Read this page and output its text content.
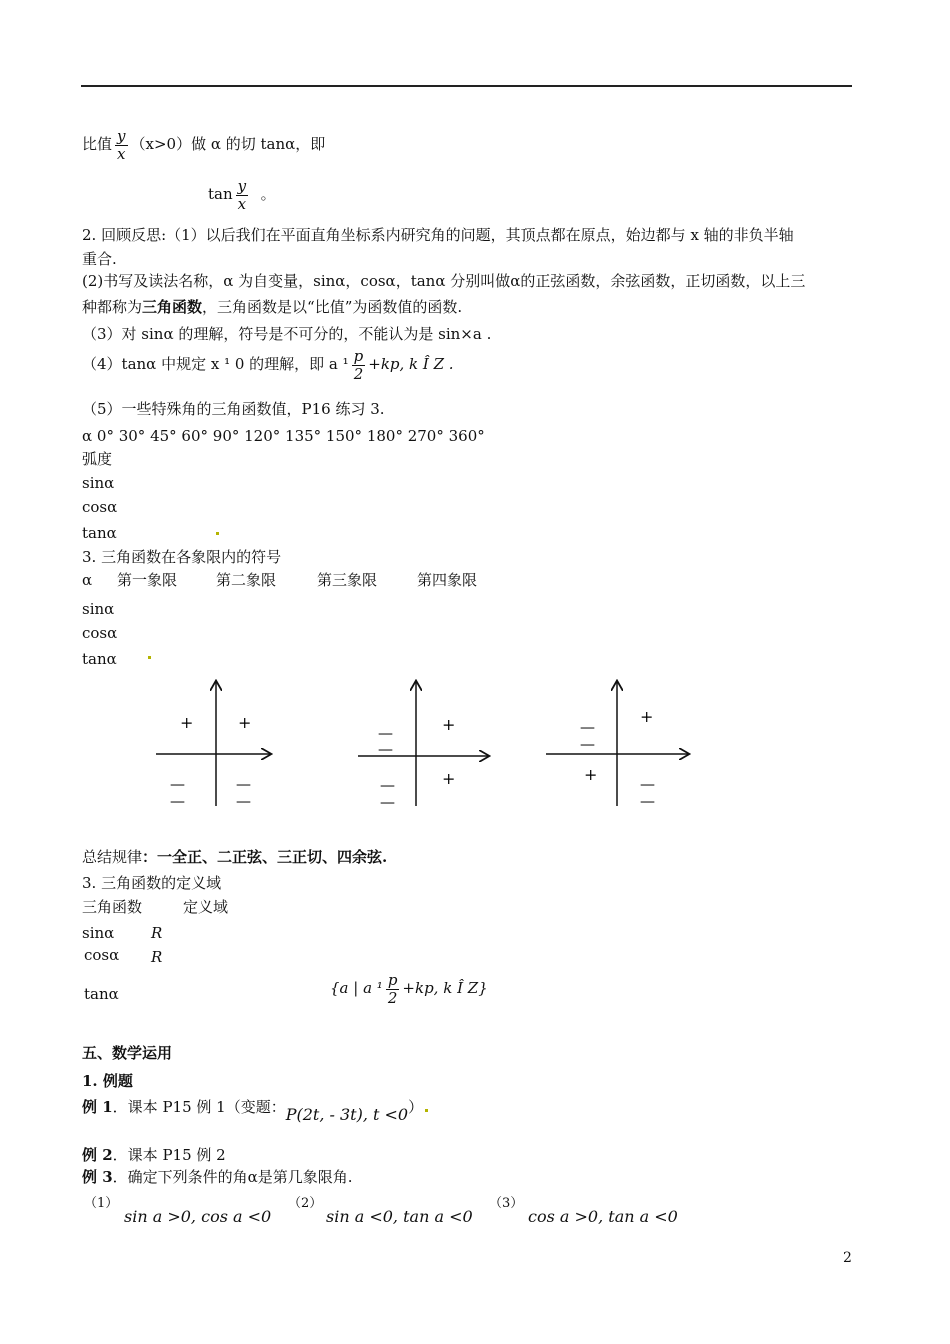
比值 $\frac{y}{x} (x>0)$做 α 的切 tanα，即
$\tan \frac{y}{x}$ 。
2. 回顾反思:（1）以后我们在平面直角坐标系内研究角的问题，其顶点都在原点，始边都与 x 轴的非负半轴
重合.
(2)书写及读法名称，α 为自变量，sinα，cosα，tanα 分别叫做α的正弦函数，余弦函数，正切函数，以上三
种都称为三角函数，三角函数是以“比值”为函数值的函数.
（3）对 sinα 的理解，符号是不可分的，不能认为是 sin×a .
（4）tanα 中规定 x ¹ 0 的理解，即 a $^1 \frac{p}{2} +kp$, k Î Z .
（5）一些特殊角的三角函数值，P16 练习 3.
α 0° 30° 45° 60° 90° 120° 135° 150° 180° 270° 360°
弧度
sinα
cosα
tanα
3. 三角函数在各象限内的符号
α 第一象限	第二象限	第三象限	第四象限
sinα
cosα
tanα
+	+
—
—
—
—
—
—
+
—
—
+
—
—
+
+	—
—
总结规律：一全正、二正弦、三正切、四余弦.
3. 三角函数的定义域
三角函数	定义域
sinα R
cosα R
tanα	{a | a $^1 \frac{p}{2} +kp$, k Î Z}
五、数学运用
1. 例题
例 1．课本 P15 例 1（变题：P(2t, - 3t), t <0）
例 2．课本 P15 例 2
例 3．确定下列条件的角α是第几象限角.
（1）
sin a >0, cos a <0
（2）
sin a <0, tan a <0
（3）
cos a >0, tan a <0
2
